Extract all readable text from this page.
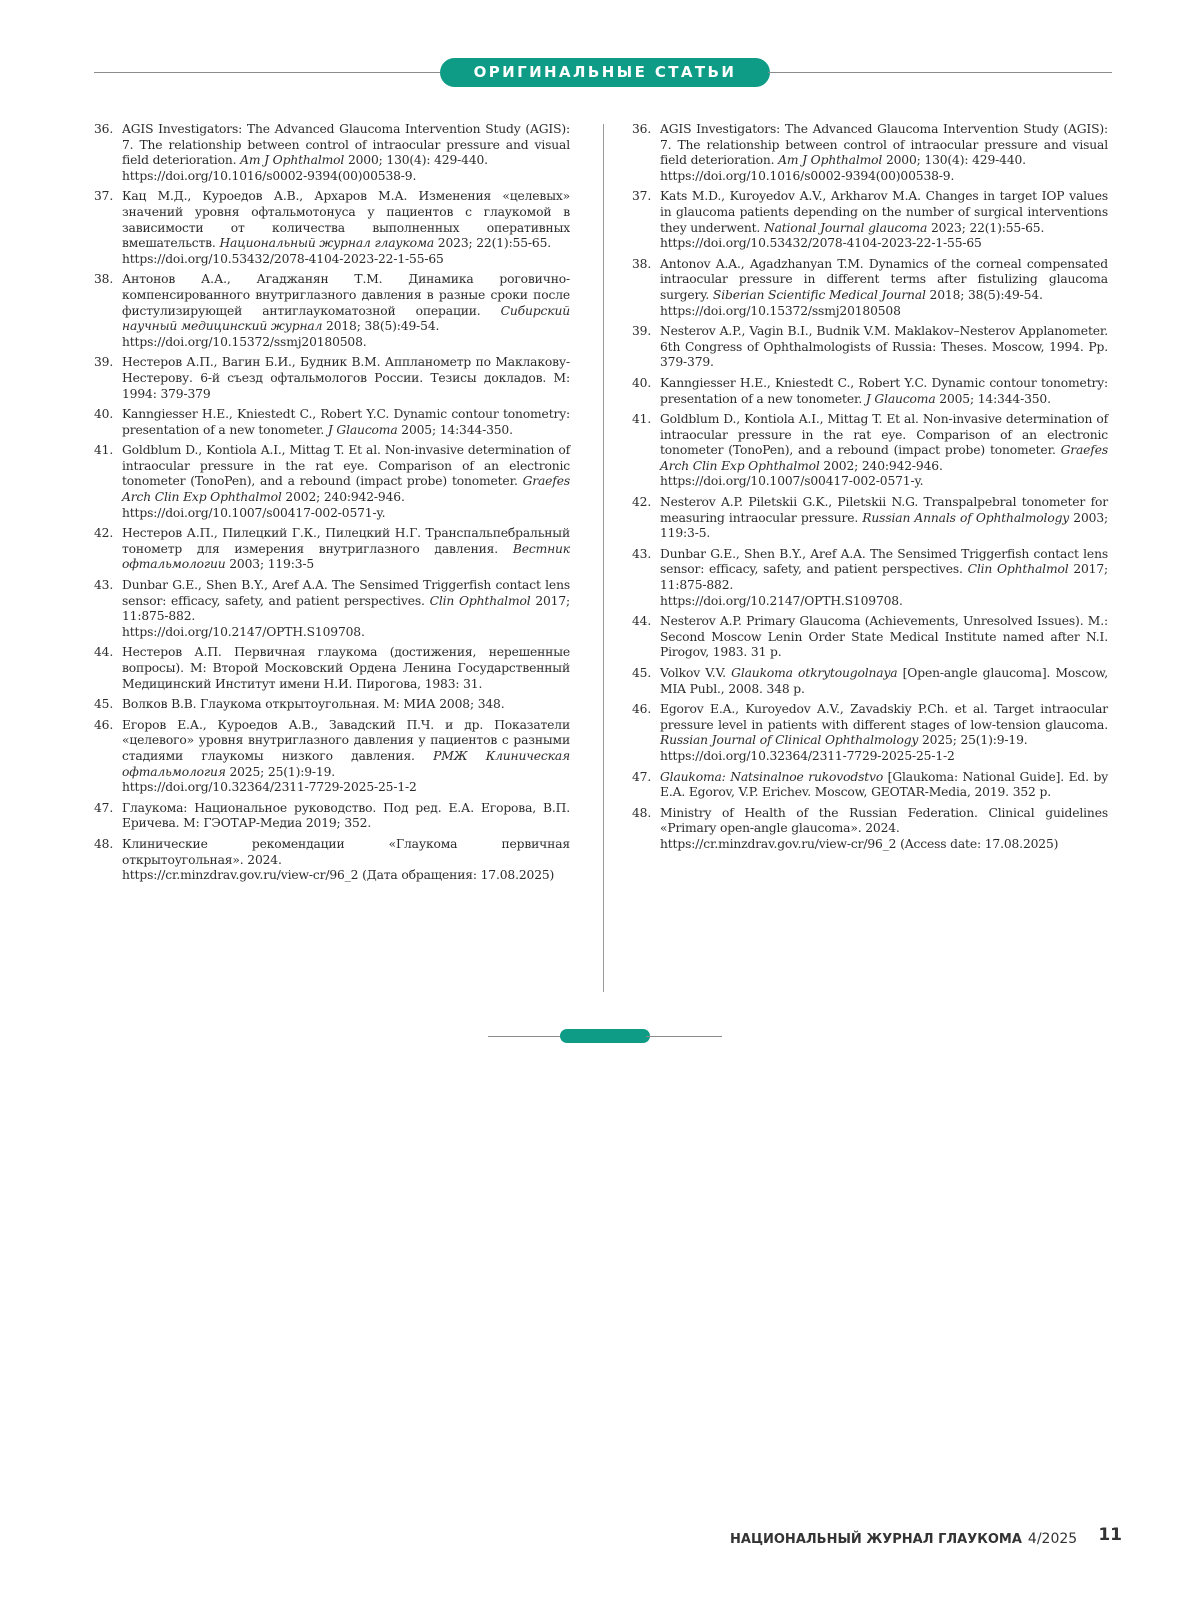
ОРИГИНАЛЬНЫЕ СТАТЬИ
36. AGIS Investigators: The Advanced Glaucoma Intervention Study (AGIS): 7. The relationship between control of intraocular pressure and visual field deterioration. Am J Ophthalmol 2000; 130(4): 429-440.
https://doi.org/10.1016/s0002-9394(00)00538-9.
37. Кац М.Д., Куроедов А.В., Архаров М.А. Изменения «целевых» значений уровня офтальмотонуса у пациентов с глаукомой в зависимости от количества выполненных оперативных вмешательств. Национальный журнал глаукома 2023; 22(1):55-65.
https://doi.org/10.53432/2078-4104-2023-22-1-55-65
38. Антонов А.А., Агаджанян Т.М. Динамика роговично-компенсированного внутриглазного давления в разные сроки после фистулизирующей антиглаукоматозной операции. Сибирский научный медицинский журнал 2018; 38(5):49-54.
https://doi.org/10.15372/ssmj20180508.
39. Нестеров А.П., Вагин Б.И., Будник В.М. Аппланометр по Маклакову-Нестерову. 6-й съезд офтальмологов России. Тезисы докладов. М: 1994: 379-379
40. Kanngiesser H.E., Kniestedt C., Robert Y.C. Dynamic contour tonometry: presentation of a new tonometer. J Glaucoma 2005; 14:344-350.
41. Goldblum D., Kontiola A.I., Mittag T. Et al. Non-invasive determination of intraocular pressure in the rat eye. Comparison of an electronic tonometer (TonoPen), and a rebound (impact probe) tonometer. Graefes Arch Clin Exp Ophthalmol 2002; 240:942-946.
https://doi.org/10.1007/s00417-002-0571-y.
42. Нестеров А.П., Пилецкий Г.К., Пилецкий Н.Г. Транспальпебральный тонометр для измерения внутриглазного давления. Вестник офтальмологии 2003; 119:3-5
43. Dunbar G.E., Shen B.Y., Aref A.A. The Sensimed Triggerfish contact lens sensor: efficacy, safety, and patient perspectives. Clin Ophthalmol 2017; 11:875-882.
https://doi.org/10.2147/OPTH.S109708.
44. Нестеров А.П. Первичная глаукома (достижения, нерешенные вопросы). М: Второй Московский Ордена Ленина Государственный Медицинский Институт имени Н.И. Пирогова, 1983: 31.
45. Волков В.В. Глаукома открытоугольная. М: МИА 2008; 348.
46. Егоров Е.А., Куроедов А.В., Завадский П.Ч. и др. Показатели «целевого» уровня внутриглазного давления у пациентов с разными стадиями глаукомы низкого давления. РМЖ Клиническая офтальмология 2025; 25(1):9-19.
https://doi.org/10.32364/2311-7729-2025-25-1-2
47. Глаукома: Национальное руководство. Под ред. Е.А. Егорова, В.П. Еричева. М: ГЭОТАР-Медиа 2019; 352.
48. Клинические рекомендации «Глаукома первичная открытоугольная». 2024.
https://cr.minzdrav.gov.ru/view-cr/96_2 (Дата обращения: 17.08.2025)
36. AGIS Investigators: The Advanced Glaucoma Intervention Study (AGIS): 7. The relationship between control of intraocular pressure and visual field deterioration. Am J Ophthalmol 2000; 130(4): 429-440.
https://doi.org/10.1016/s0002-9394(00)00538-9.
37. Kats M.D., Kuroyedov A.V., Arkharov M.A. Changes in target IOP values in glaucoma patients depending on the number of surgical interventions they underwent. National Journal glaucoma 2023; 22(1):55-65.
https://doi.org/10.53432/2078-4104-2023-22-1-55-65
38. Antonov A.A., Agadzhanyan T.M. Dynamics of the corneal compensated intraocular pressure in different terms after fistulizing glaucoma surgery. Siberian Scientific Medical Journal 2018; 38(5):49-54.
https://doi.org/10.15372/ssmj20180508
39. Nesterov A.P., Vagin B.I., Budnik V.M. Maklakov–Nesterov Applanometer. 6th Congress of Ophthalmologists of Russia: Theses. Moscow, 1994. Pp. 379-379.
40. Kanngiesser H.E., Kniestedt C., Robert Y.C. Dynamic contour tonometry: presentation of a new tonometer. J Glaucoma 2005; 14:344-350.
41. Goldblum D., Kontiola A.I., Mittag T. Et al. Non-invasive determination of intraocular pressure in the rat eye. Comparison of an electronic tonometer (TonoPen), and a rebound (impact probe) tonometer. Graefes Arch Clin Exp Ophthalmol 2002; 240:942-946.
https://doi.org/10.1007/s00417-002-0571-y.
42. Nesterov A.P. Piletskii G.K., Piletskii N.G. Transpalpebral tonometer for measuring intraocular pressure. Russian Annals of Ophthalmology 2003; 119:3-5.
43. Dunbar G.E., Shen B.Y., Aref A.A. The Sensimed Triggerfish contact lens sensor: efficacy, safety, and patient perspectives. Clin Ophthalmol 2017; 11:875-882.
https://doi.org/10.2147/OPTH.S109708.
44. Nesterov A.P. Primary Glaucoma (Achievements, Unresolved Issues). M.: Second Moscow Lenin Order State Medical Institute named after N.I. Pirogov, 1983. 31 p.
45. Volkov V.V. Glaukoma otkrytougolnaya [Open-angle glaucoma]. Moscow, MIA Publ., 2008. 348 p.
46. Egorov E.A., Kuroyedov A.V., Zavadskiy P.Ch. et al. Target intraocular pressure level in patients with different stages of low-tension glaucoma. Russian Journal of Clinical Ophthalmology 2025; 25(1):9-19.
https://doi.org/10.32364/2311-7729-2025-25-1-2
47. Glaukoma: Natsinalnoe rukovodstvo [Glaukoma: National Guide]. Ed. by E.A. Egorov, V.P. Erichev. Moscow, GEOTAR-Media, 2019. 352 p.
48. Ministry of Health of the Russian Federation. Clinical guidelines «Primary open-angle glaucoma». 2024.
https://cr.minzdrav.gov.ru/view-cr/96_2 (Access date: 17.08.2025)
НАЦИОНАЛЬНЫЙ ЖУРНАЛ ГЛАУКОМА 4/2025 11
